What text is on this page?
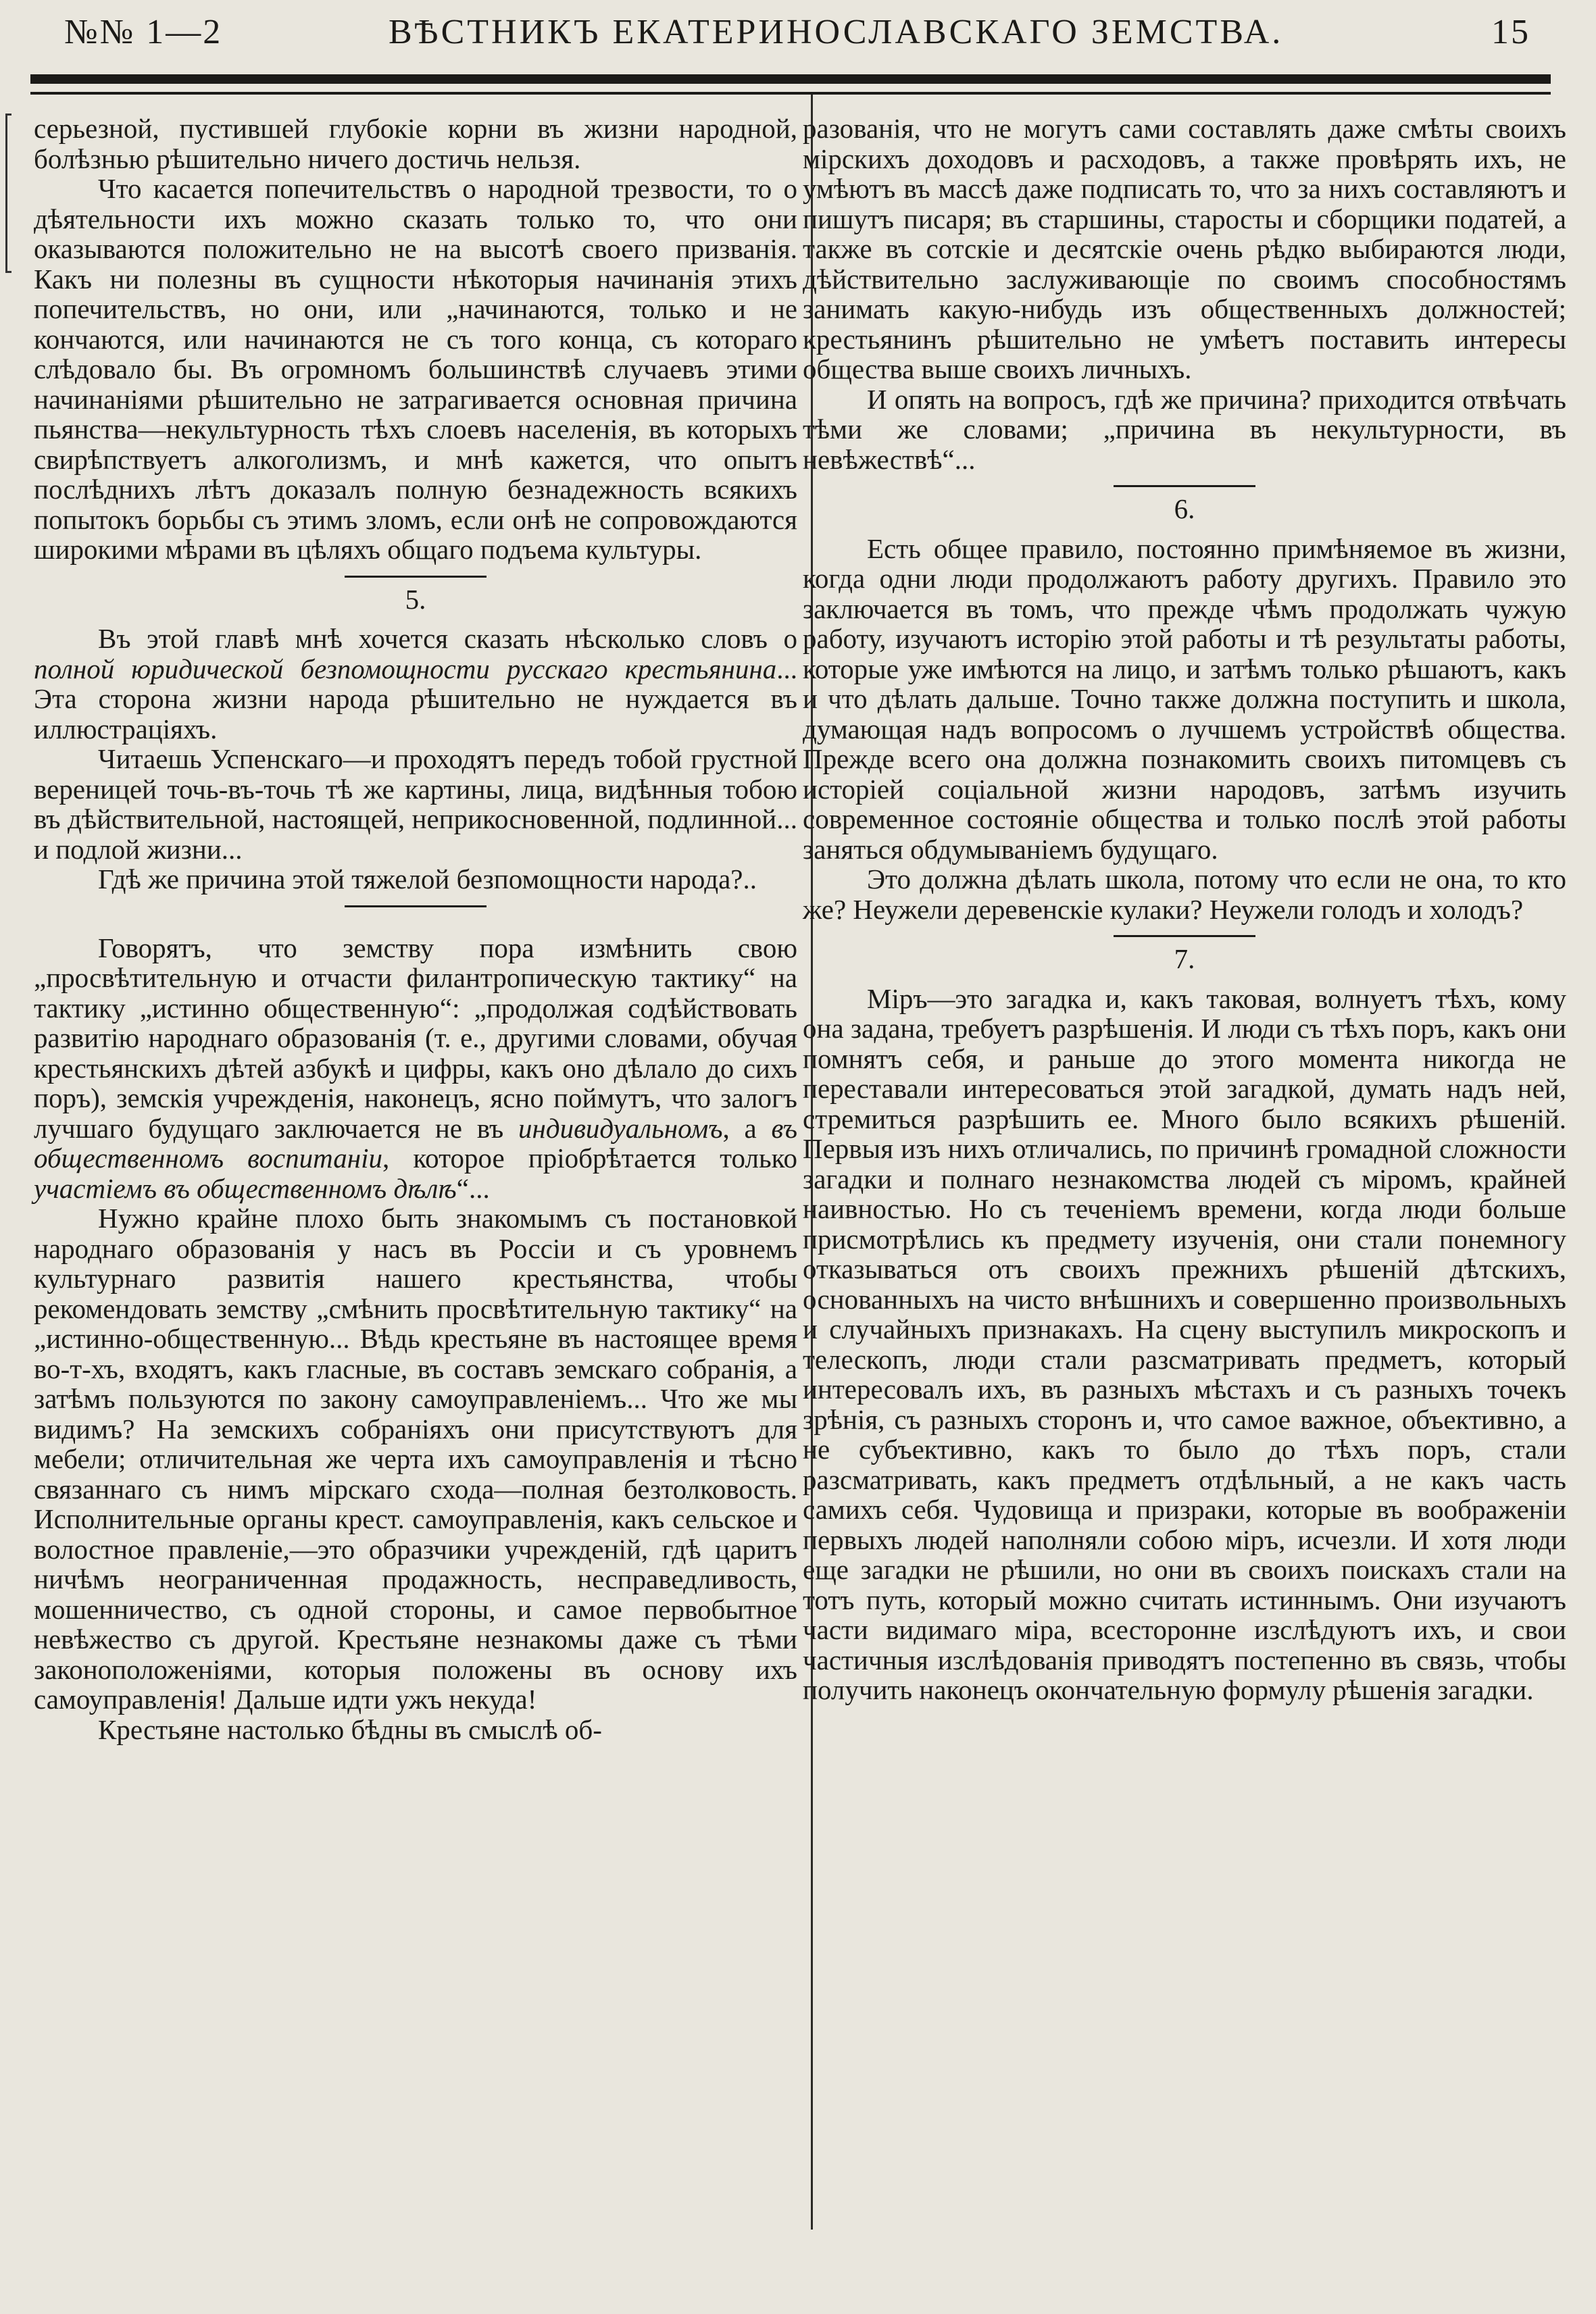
№№ 1—2	ВѢСТНИКЪ ЕКАТЕРИНОСЛАВСКАГО ЗЕМСТВА.	15

серьезной, пустившей глубокіе корни въ жизни народной, болѣзнью рѣшительно ничего достичь нельзя.

Что касается попечительствъ о народной трезвости, то о дѣятельности ихъ можно сказать только то, что они оказываются положительно не на высотѣ своего призванія. Какъ ни полезны въ сущности нѣкоторыя начинанія этихъ попечительствъ, но они, или „начинаются, только и не кончаются, или начинаются не съ того конца, съ котораго слѣдовало бы. Въ огромномъ большинствѣ случаевъ этими начинаніями рѣшительно не затрагивается основная причина пьянства—некультурность тѣхъ слоевъ населенія, въ которыхъ свирѣпствуетъ алкоголизмъ, и мнѣ кажется, что опытъ послѣднихъ лѣтъ доказалъ полную безнадежность всякихъ попытокъ борьбы съ этимъ зломъ, если онѣ не сопровождаются широкими мѣрами въ цѣляхъ общаго подъема культуры.

5.

Въ этой главѣ мнѣ хочется сказать нѣсколько словъ о полной юридической безпомощности русскаго крестьянина... Эта сторона жизни народа рѣшительно не нуждается въ иллюстраціяхъ.

Читаешь Успенскаго—и проходятъ передъ тобой грустной вереницей точь-въ-точь тѣ же картины, лица, видѣнныя тобою въ дѣйствительной, настоящей, неприкосновенной, подлинной... и подлой жизни...

Гдѣ же причина этой тяжелой безпомощности народа?..

Говорятъ, что земству пора измѣнить свою „просвѣтительную и отчасти филантропическую тактику“ на тактику „истинно общественную“: „продолжая содѣйствовать развитію народнаго образованія (т. е., другими словами, обучая крестьянскихъ дѣтей азбукѣ и цифры, какъ оно дѣлало до сихъ поръ), земскія учрежденія, наконецъ, ясно поймутъ, что залогъ лучшаго будущаго заключается не въ индивидуальномъ, а въ общественномъ воспитаніи, которое пріобрѣтается только участіемъ въ общественномъ дѣлѣ“...

Нужно крайне плохо быть знакомымъ съ постановкой народнаго образованія у насъ въ Россіи и съ уровнемъ культурнаго развитія нашего крестьянства, чтобы рекомендовать земству „смѣнить просвѣтительную тактику“ на „истинно-общественную... Вѣдь крестьяне въ настоящее время во-т-хъ, входятъ, какъ гласные, въ составъ земскаго собранія, а затѣмъ пользуются по закону самоуправленіемъ... Что же мы видимъ? На земскихъ собраніяхъ они присутствуютъ для мебели; отличительная же черта ихъ самоуправленія и тѣсно связаннаго съ нимъ мірскаго схода—полная безтолковость. Исполнительные органы крест. самоуправленія, какъ сельское и волостное правленіе,—это образчики учрежденій, гдѣ царитъ ничѣмъ неограниченная продажность, несправедливость, мошенничество, съ одной стороны, и самое первобытное невѣжество съ другой. Крестьяне незнакомы даже съ тѣми законоположеніями, которыя положены въ основу ихъ самоуправленія! Дальше идти ужъ некуда!

Крестьяне настолько бѣдны въ смыслѣ об-

разованія, что не могутъ сами составлять даже смѣты своихъ мірскихъ доходовъ и расходовъ, а также провѣрять ихъ, не умѣютъ въ массѣ даже подписать то, что за нихъ составляютъ и пишутъ писаря; въ старшины, старосты и сборщики податей, а также въ сотскіе и десятскіе очень рѣдко выбираются люди, дѣйствительно заслуживающіе по своимъ способностямъ занимать какую-нибудь изъ общественныхъ должностей; крестьянинъ рѣшительно не умѣетъ поставить интересы общества выше своихъ личныхъ.

И опять на вопросъ, гдѣ же причина? приходится отвѣчать тѣми же словами; „причина въ некультурности, въ невѣжествѣ“...

6.

Есть общее правило, постоянно примѣняемое въ жизни, когда одни люди продолжаютъ работу другихъ. Правило это заключается въ томъ, что прежде чѣмъ продолжать чужую работу, изучаютъ исторію этой работы и тѣ результаты работы, которые уже имѣются на лицо, и затѣмъ только рѣшаютъ, какъ и что дѣлать дальше. Точно также должна поступить и школа, думающая надъ вопросомъ о лучшемъ устройствѣ общества. Прежде всего она должна познакомить своихъ питомцевъ съ исторіей соціальной жизни народовъ, затѣмъ изучить современное состояніе общества и только послѣ этой работы заняться обдумываніемъ будущаго.

Это должна дѣлать школа, потому что если не она, то кто же? Неужели деревенскіе кулаки? Неужели голодъ и холодъ?

7.

Міръ—это загадка и, какъ таковая, волнуетъ тѣхъ, кому она задана, требуетъ разрѣшенія. И люди съ тѣхъ поръ, какъ они помнятъ себя, и раньше до этого момента никогда не переставали интересоваться этой загадкой, думать надъ ней, стремиться разрѣшить ее. Много было всякихъ рѣшеній. Первыя изъ нихъ отличались, по причинѣ громадной сложности загадки и полнаго незнакомства людей съ міромъ, крайней наивностью. Но съ теченіемъ времени, когда люди больше присмотрѣлись къ предмету изученія, они стали понемногу отказываться отъ своихъ прежнихъ рѣшеній дѣтскихъ, основанныхъ на чисто внѣшнихъ и совершенно произвольныхъ и случайныхъ признакахъ. На сцену выступилъ микроскопъ и телескопъ, люди стали разсматривать предметъ, который интересовалъ ихъ, въ разныхъ мѣстахъ и съ разныхъ точекъ зрѣнія, съ разныхъ сторонъ и, что самое важное, объективно, а не субъективно, какъ то было до тѣхъ поръ, стали разсматривать, какъ предметъ отдѣльный, а не какъ часть самихъ себя. Чудовища и призраки, которые въ воображеніи первыхъ людей наполняли собою міръ, исчезли. И хотя люди еще загадки не рѣшили, но они въ своихъ поискахъ стали на тотъ путь, который можно считать истиннымъ. Они изучаютъ части видимаго міра, всесторонне изслѣдуютъ ихъ, и свои частичныя изслѣдованія приводятъ постепенно въ связь, чтобы получить наконецъ окончательную формулу рѣшенія загадки.
